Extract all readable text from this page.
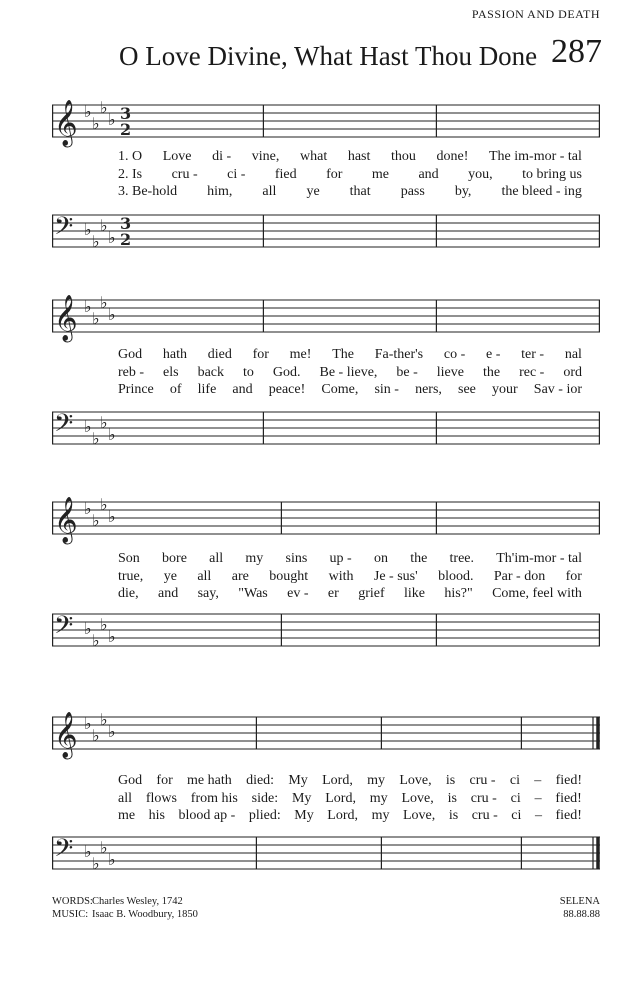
PASSION AND DEATH
O Love Divine, What Hast Thou Done 287
𝄞 ♭
♭
♭
♭ 3
2
1. O Love di - vine, what hast thou done! The im-mor - tal
2. Is cru - ci - fied for me and you, to bring us
3. Be-hold him, all ye that pass by, the bleed - ing
𝄢 ♭
♭
♭
♭
3
2
𝄞 ♭
♭
♭
♭
God hath died for me! The Fa-ther's co - e - ter - nal
reb - els back to God. Be - lieve, be - lieve the rec - ord
Prince of life and peace! Come, sin - ners, see your Sav - ior
𝄢 ♭
♭
♭
♭
𝄞 ♭
♭
♭
♭
Son bore all my sins up - on the tree. Th'im-mor - tal
true, ye all are bought with Je - sus' blood. Par - don for
die, and say, "Was ev - er grief like his?" Come, feel with
𝄢 ♭
♭
♭
♭
𝄞 ♭
♭
♭
♭
God for me hath died: My Lord, my Love, is cru - ci – fied!
all flows from his side: My Lord, my Love, is cru - ci – fied!
me his blood ap - plied: My Lord, my Love, is cru - ci – fied!
𝄢 ♭
♭
♭
♭
WORDS:Charles Wesley, 1742
MUSIC: Isaac B. Woodbury, 1850
SELENA
88.88.88
